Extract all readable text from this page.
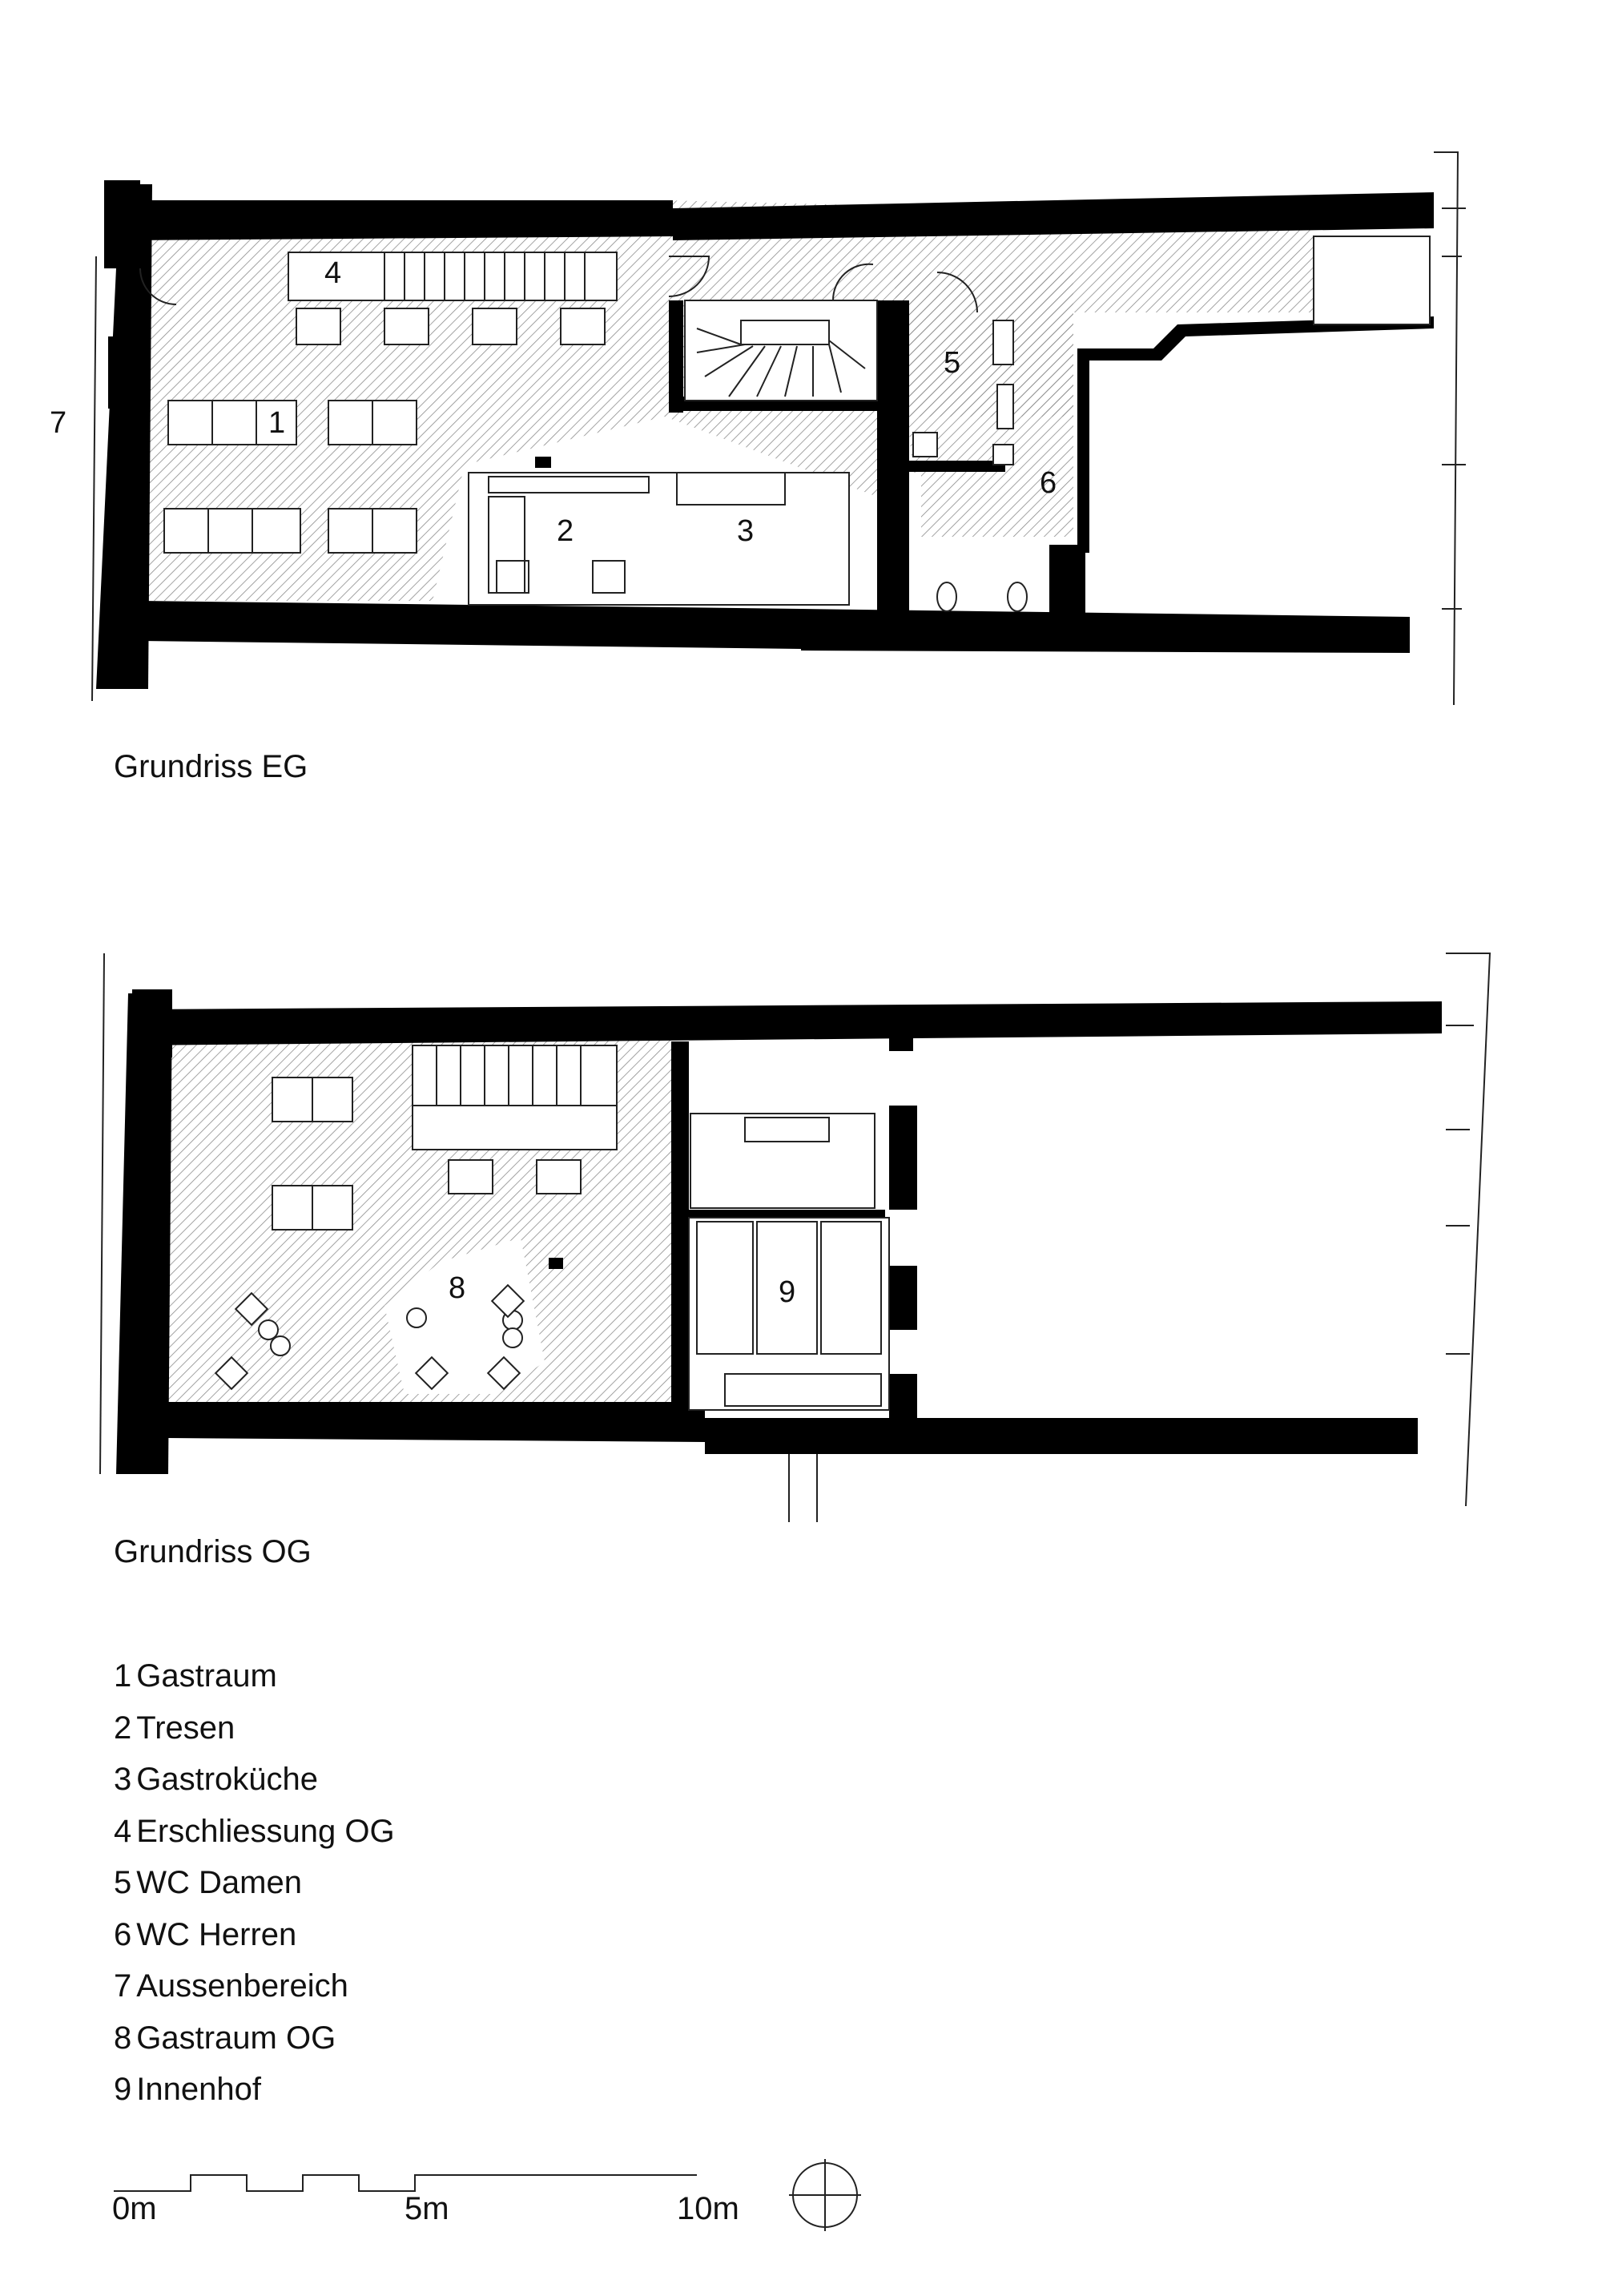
1
2	3
4
5
6
7
Grundriss EG
8	9
Grundriss OG
1 Gastraum
2 Tresen
3 Gastroküche
4 Erschliessung OG
5 WC Damen
6 WC Herren
7 Aussenbereich
8 Gastraum OG
9 Innenhof
0m	5m	10m
